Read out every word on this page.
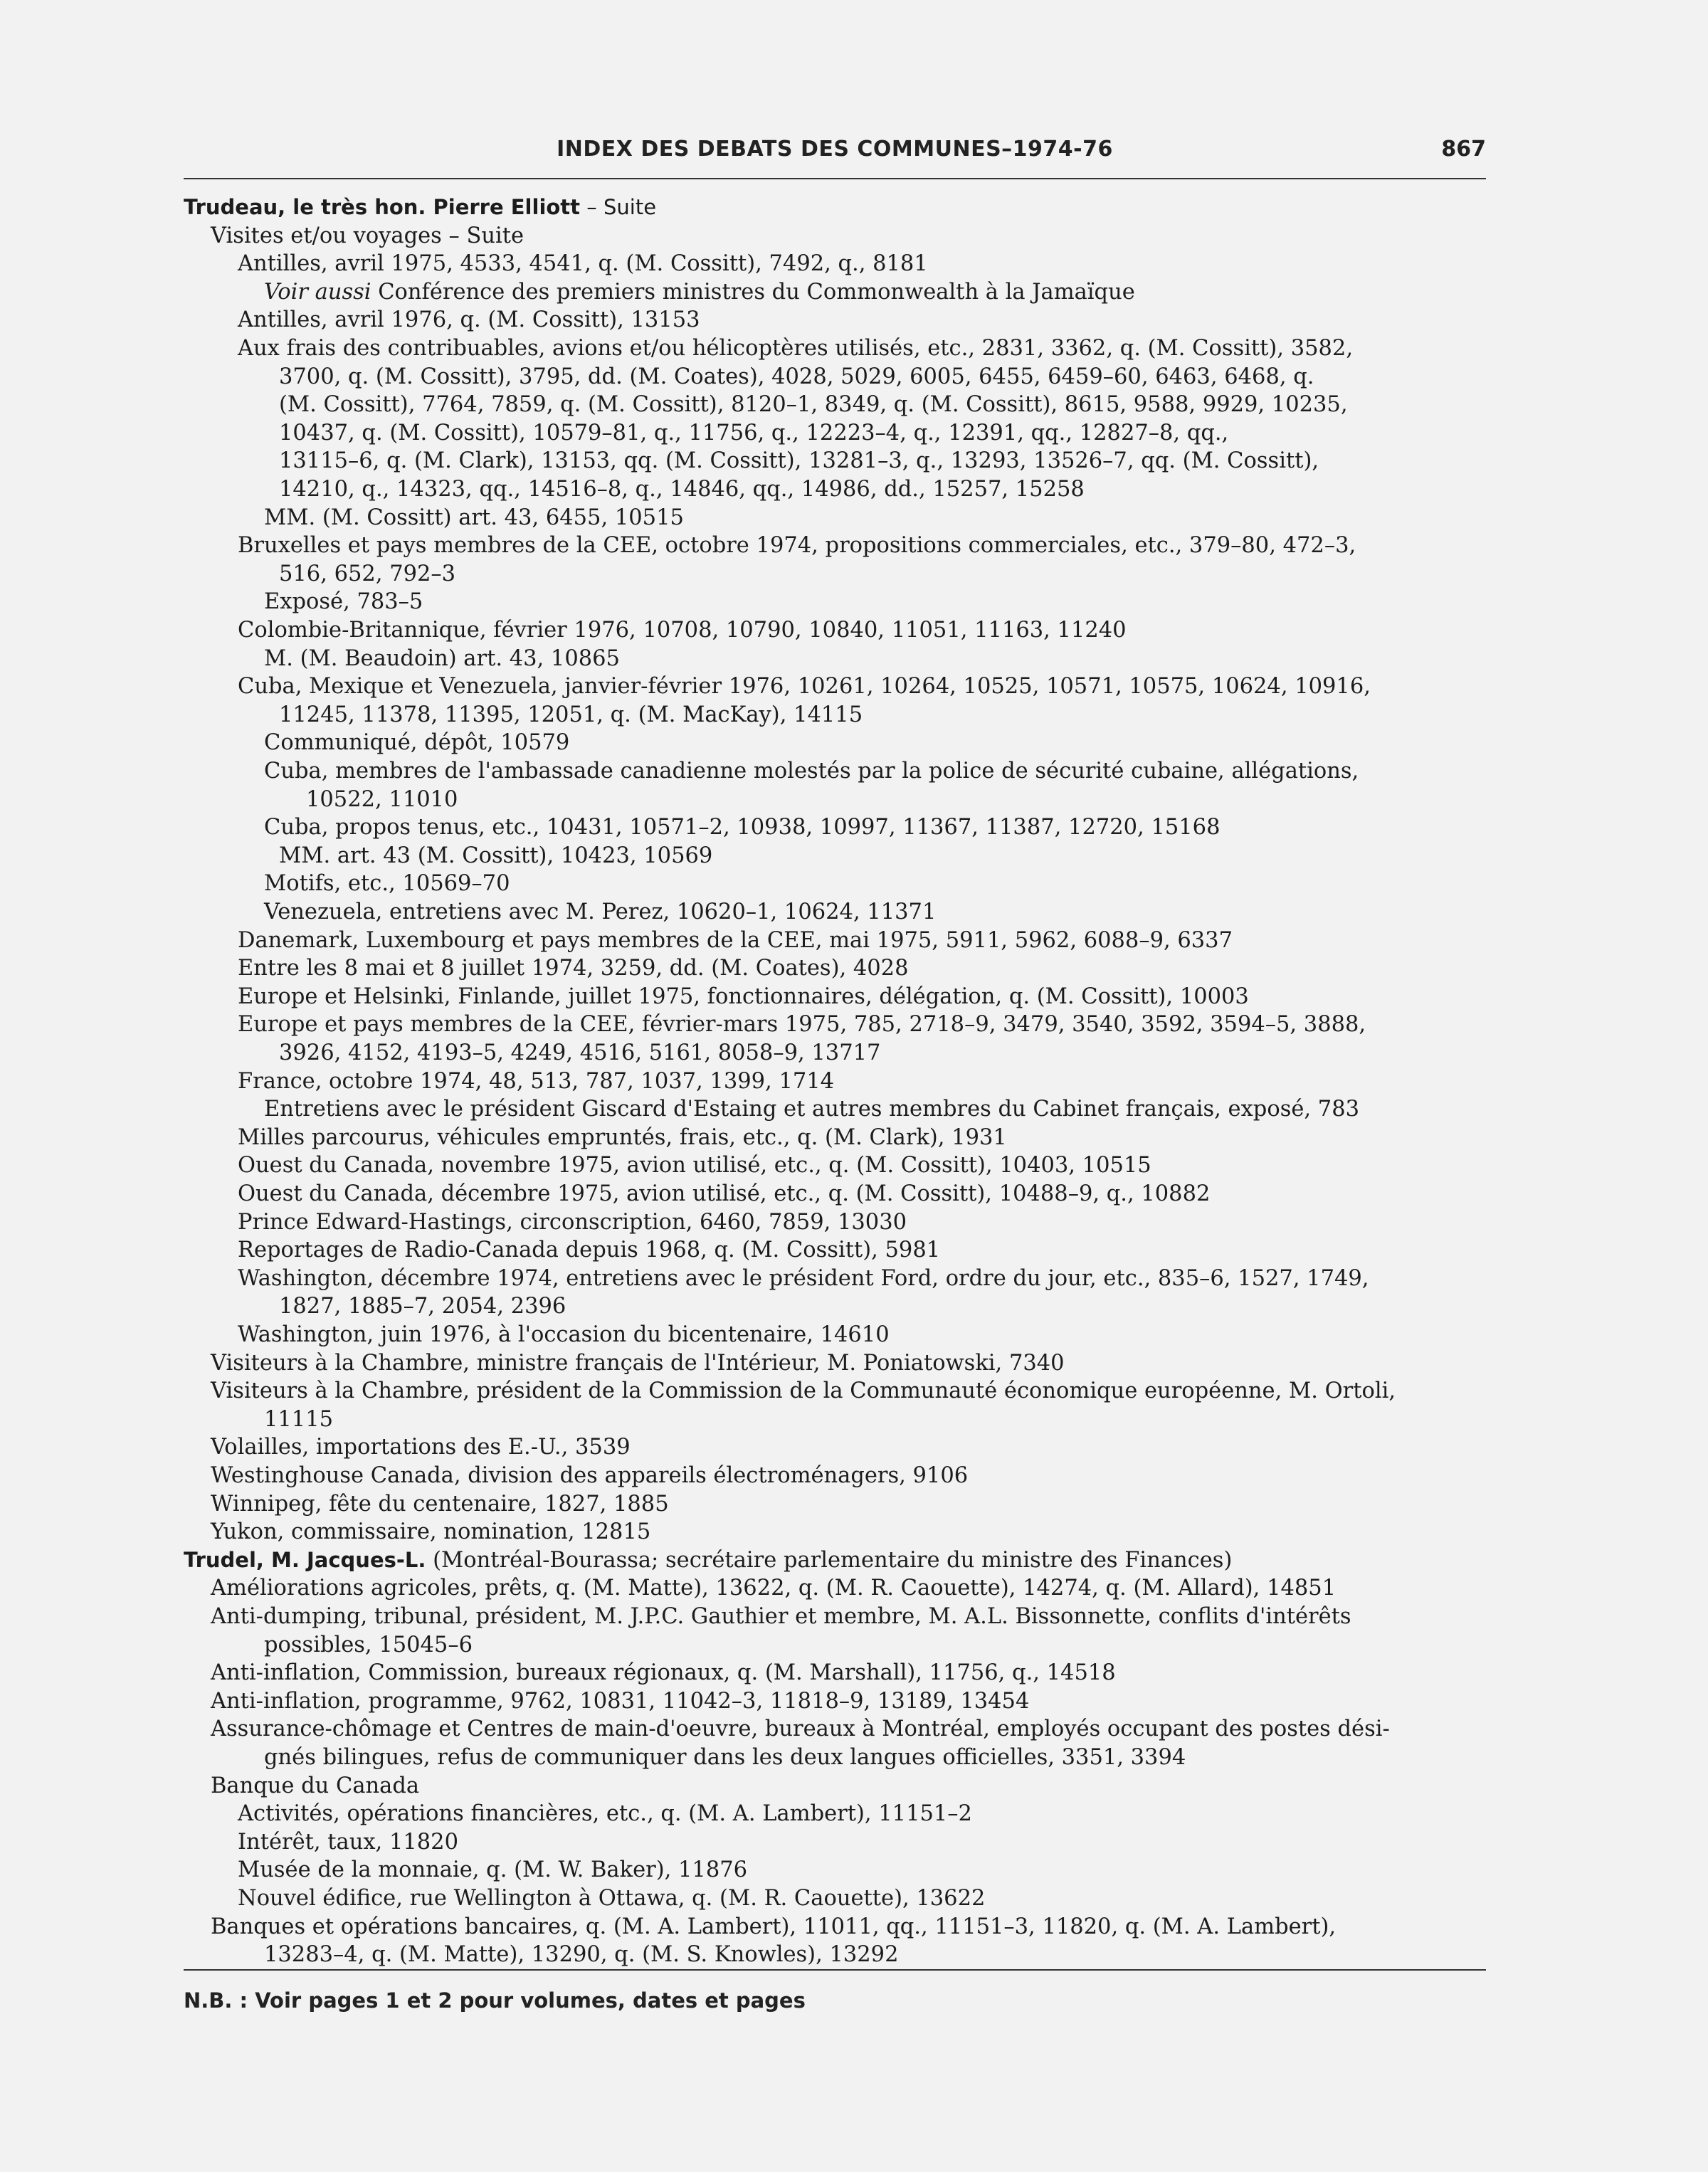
INDEX DES DEBATS DES COMMUNES–1974-76	867
Trudeau, le très hon. Pierre Elliott – Suite
Visites et/ou voyages – Suite
Antilles, avril 1975, 4533, 4541, q. (M. Cossitt), 7492, q., 8181
Voir aussi Conférence des premiers ministres du Commonwealth à la Jamaïque
Antilles, avril 1976, q. (M. Cossitt), 13153
Aux frais des contribuables, avions et/ou hélicoptères utilisés, etc., 2831, 3362, q. (M. Cossitt), 3582,
3700, q. (M. Cossitt), 3795, dd. (M. Coates), 4028, 5029, 6005, 6455, 6459–60, 6463, 6468, q.
(M. Cossitt), 7764, 7859, q. (M. Cossitt), 8120–1, 8349, q. (M. Cossitt), 8615, 9588, 9929, 10235,
10437, q. (M. Cossitt), 10579–81, q., 11756, q., 12223–4, q., 12391, qq., 12827–8, qq.,
13115–6, q. (M. Clark), 13153, qq. (M. Cossitt), 13281–3, q., 13293, 13526–7, qq. (M. Cossitt),
14210, q., 14323, qq., 14516–8, q., 14846, qq., 14986, dd., 15257, 15258
MM. (M. Cossitt) art. 43, 6455, 10515
Bruxelles et pays membres de la CEE, octobre 1974, propositions commerciales, etc., 379–80, 472–3,
516, 652, 792–3
Exposé, 783–5
Colombie-Britannique, février 1976, 10708, 10790, 10840, 11051, 11163, 11240
M. (M. Beaudoin) art. 43, 10865
Cuba, Mexique et Venezuela, janvier-février 1976, 10261, 10264, 10525, 10571, 10575, 10624, 10916,
11245, 11378, 11395, 12051, q. (M. MacKay), 14115
Communiqué, dépôt, 10579
Cuba, membres de l'ambassade canadienne molestés par la police de sécurité cubaine, allégations,
10522, 11010
Cuba, propos tenus, etc., 10431, 10571–2, 10938, 10997, 11367, 11387, 12720, 15168
MM. art. 43 (M. Cossitt), 10423, 10569
Motifs, etc., 10569–70
Venezuela, entretiens avec M. Perez, 10620–1, 10624, 11371
Danemark, Luxembourg et pays membres de la CEE, mai 1975, 5911, 5962, 6088–9, 6337
Entre les 8 mai et 8 juillet 1974, 3259, dd. (M. Coates), 4028
Europe et Helsinki, Finlande, juillet 1975, fonctionnaires, délégation, q. (M. Cossitt), 10003
Europe et pays membres de la CEE, février-mars 1975, 785, 2718–9, 3479, 3540, 3592, 3594–5, 3888,
3926, 4152, 4193–5, 4249, 4516, 5161, 8058–9, 13717
France, octobre 1974, 48, 513, 787, 1037, 1399, 1714
Entretiens avec le président Giscard d'Estaing et autres membres du Cabinet français, exposé, 783
Milles parcourus, véhicules empruntés, frais, etc., q. (M. Clark), 1931
Ouest du Canada, novembre 1975, avion utilisé, etc., q. (M. Cossitt), 10403, 10515
Ouest du Canada, décembre 1975, avion utilisé, etc., q. (M. Cossitt), 10488–9, q., 10882
Prince Edward-Hastings, circonscription, 6460, 7859, 13030
Reportages de Radio-Canada depuis 1968, q. (M. Cossitt), 5981
Washington, décembre 1974, entretiens avec le président Ford, ordre du jour, etc., 835–6, 1527, 1749,
1827, 1885–7, 2054, 2396
Washington, juin 1976, à l'occasion du bicentenaire, 14610
Visiteurs à la Chambre, ministre français de l'Intérieur, M. Poniatowski, 7340
Visiteurs à la Chambre, président de la Commission de la Communauté économique européenne, M. Ortoli,
11115
Volailles, importations des E.-U., 3539
Westinghouse Canada, division des appareils électroménagers, 9106
Winnipeg, fête du centenaire, 1827, 1885
Yukon, commissaire, nomination, 12815
Trudel, M. Jacques-L. (Montréal-Bourassa; secrétaire parlementaire du ministre des Finances)
Améliorations agricoles, prêts, q. (M. Matte), 13622, q. (M. R. Caouette), 14274, q. (M. Allard), 14851
Anti-dumping, tribunal, président, M. J.P.C. Gauthier et membre, M. A.L. Bissonnette, conflits d'intérêts
possibles, 15045–6
Anti-inflation, Commission, bureaux régionaux, q. (M. Marshall), 11756, q., 14518
Anti-inflation, programme, 9762, 10831, 11042–3, 11818–9, 13189, 13454
Assurance-chômage et Centres de main-d'oeuvre, bureaux à Montréal, employés occupant des postes dési-
gnés bilingues, refus de communiquer dans les deux langues officielles, 3351, 3394
Banque du Canada
Activités, opérations financières, etc., q. (M. A. Lambert), 11151–2
Intérêt, taux, 11820
Musée de la monnaie, q. (M. W. Baker), 11876
Nouvel édifice, rue Wellington à Ottawa, q. (M. R. Caouette), 13622
Banques et opérations bancaires, q. (M. A. Lambert), 11011, qq., 11151–3, 11820, q. (M. A. Lambert),
13283–4, q. (M. Matte), 13290, q. (M. S. Knowles), 13292
N.B. : Voir pages 1 et 2 pour volumes, dates et pages
